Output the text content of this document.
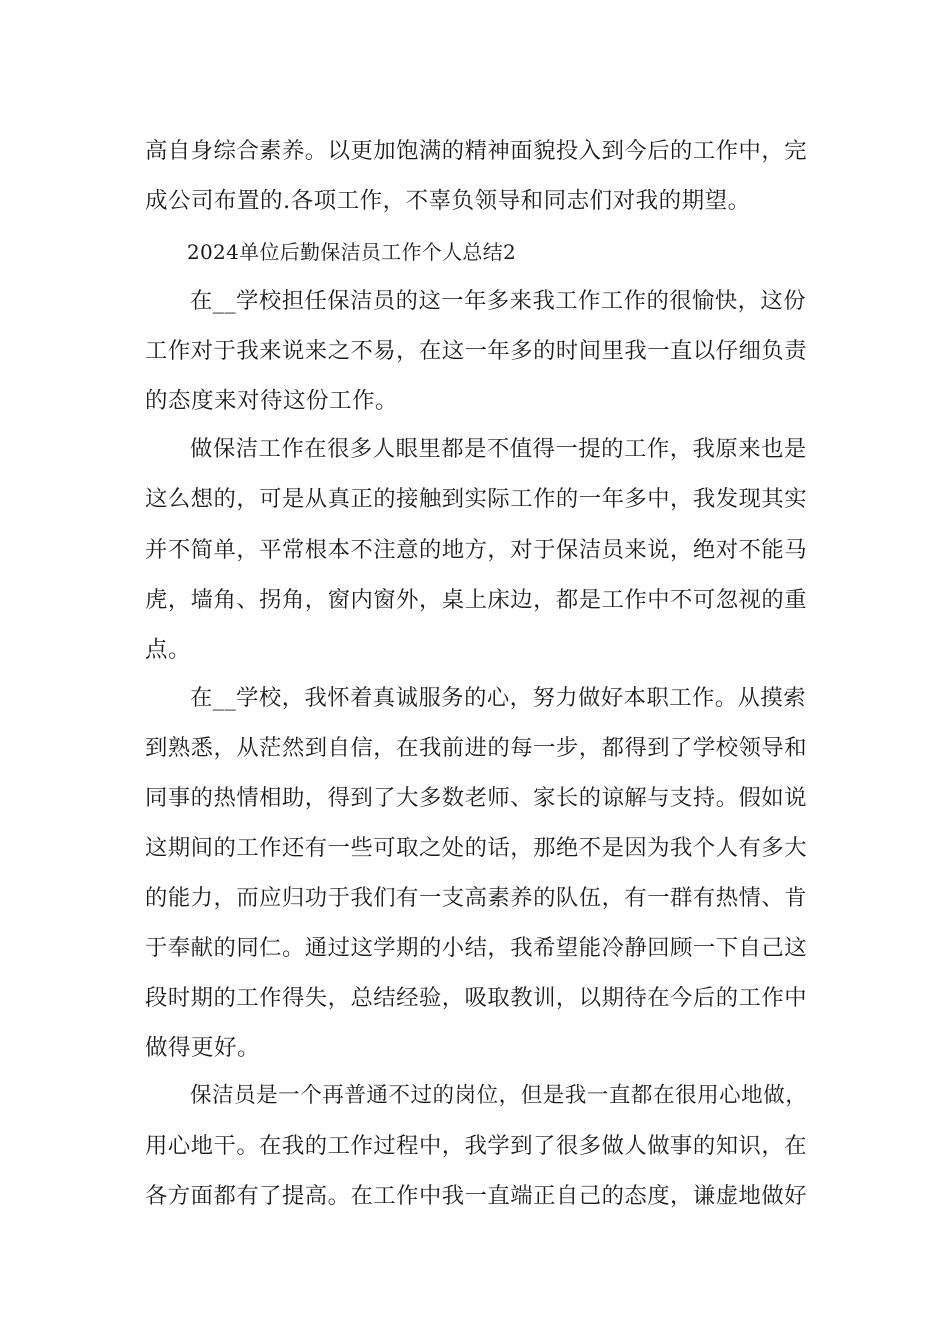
高自身综合素养。以更加饱满的精神面貌投入到今后的工作中，完
成公司布置的.各项工作，不辜负领导和同志们对我的期望。
2024单位后勤保洁员工作个人总结2
在__学校担任保洁员的这一年多来我工作工作的很愉快，这份
工作对于我来说来之不易，在这一年多的时间里我一直以仔细负责
的态度来对待这份工作。
做保洁工作在很多人眼里都是不值得一提的工作，我原来也是
这么想的，可是从真正的接触到实际工作的一年多中，我发现其实
并不简单，平常根本不注意的地方，对于保洁员来说，绝对不能马
虎，墙角、拐角，窗内窗外，桌上床边，都是工作中不可忽视的重
点。
在__学校，我怀着真诚服务的心，努力做好本职工作。从摸索
到熟悉，从茫然到自信，在我前进的每一步，都得到了学校领导和
同事的热情相助，得到了大多数老师、家长的谅解与支持。假如说
这期间的工作还有一些可取之处的话，那绝不是因为我个人有多大
的能力，而应归功于我们有一支高素养的队伍，有一群有热情、肯
于奉献的同仁。通过这学期的小结，我希望能冷静回顾一下自己这
段时期的工作得失，总结经验，吸取教训，以期待在今后的工作中
做得更好。
保洁员是一个再普通不过的岗位，但是我一直都在很用心地做，
用心地干。在我的工作过程中，我学到了很多做人做事的知识，在
各方面都有了提高。在工作中我一直端正自己的态度，谦虚地做好
